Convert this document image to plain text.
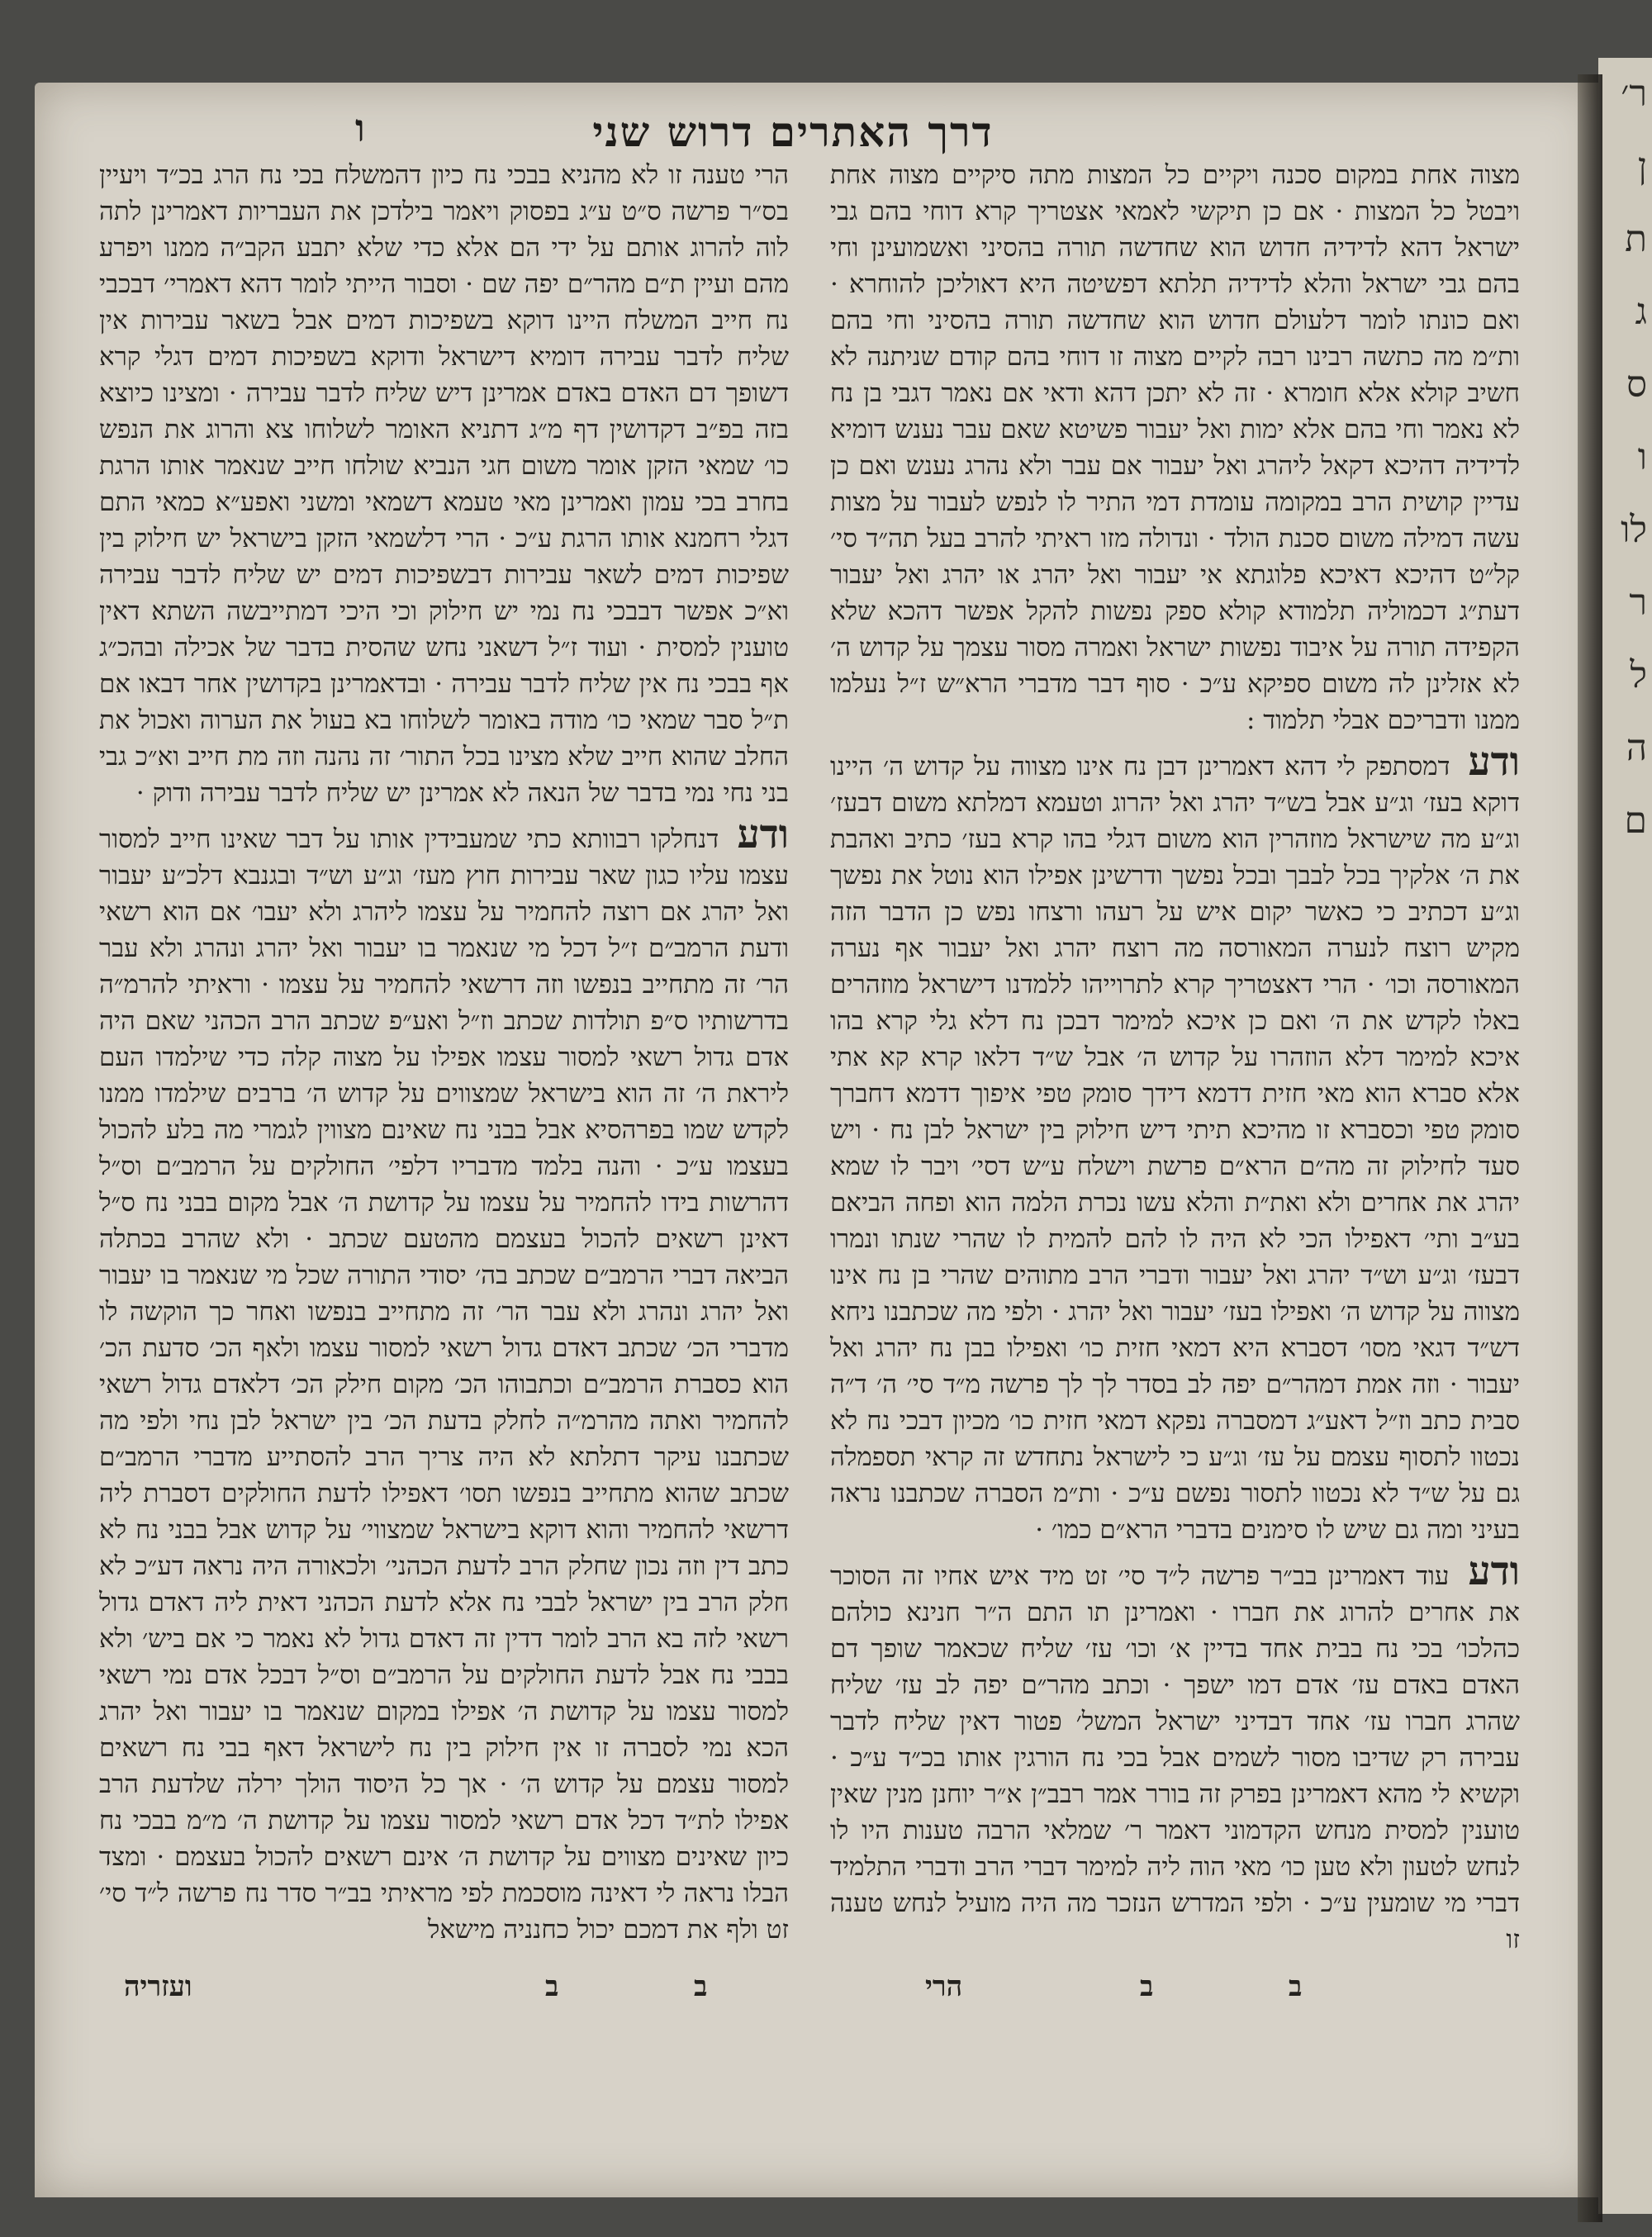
ר׳
ן
ת
ג
ס
ו
לו
ר
ל
ה
ם
ו	דרך האתרים דרוש שני

מצוה אחת במקום סכנה ויקיים כל המצות מתה סיקיים מצוה אחת ויבטל כל המצות · אם כן תיקשי לאמאי אצטריך קרא דוחי בהם גבי ישראל דהא לדידיה חדוש הוא שחדשה תורה בהסיני ואשמועינן וחי בהם גבי ישראל והלא לדידיה תלתא דפשיטה היא דאוליכן להוחרא · ואם כונתו לומר דלעולם חדוש הוא שחדשה תורה בהסיני וחי בהם ות״מ מה כתשה רבינו רבה לקיים מצוה זו דוחי בהם קודם שניתנה לא חשיב קולא אלא חומרא · זה לא יתכן דהא ודאי אם נאמר דגבי בן נח לא נאמר וחי בהם אלא ימות ואל יעבור פשיטא שאם עבר נענש דומיא לדידיה דהיכא דקאל ליהרג ואל יעבור אם עבר ולא נהרג נענש ואם כן עדיין קושית הרב במקומה עומדת דמי התיר לו לנפש לעבור על מצות עשה דמילה משום סכנת הולד · ונדולה מזו ראיתי להרב בעל תה״ד סי׳ קל״ט דהיכא דאיכא פלוגתא אי יעבור ואל יהרג או יהרג ואל יעבור דעת״ג דכמוליה תלמודא קולא ספק נפשות להקל אפשר דהכא שלא הקפידה תורה על איבוד נפשות ישראל ואמרה מסור עצמך על קדוש ה׳ לא אזלינן לה משום ספיקא ע״כ · סוף דבר מדברי הרא״ש ז״ל נעלמו ממנו ודבריכם אבלי תלמוד :

ודע דמסתפק לי דהא דאמרינן דבן נח אינו מצווה על קדוש ה׳ היינו דוקא בעז׳ וג״ע אבל בש״ד יהרג ואל יהרוג וטעמא דמלתא משום דבעז׳ וג״ע מה שישראל מוזהרין הוא משום דגלי בהו קרא בעז׳ כתיב ואהבת את ה׳ אלקיך בכל לבבך ובכל נפשך ודרשינן אפילו הוא נוטל את נפשך וג״ע דכתיב כי כאשר יקום איש על רעהו ורצחו נפש כן הדבר הזה מקיש רוצח לנערה המאורסה מה רוצח יהרג ואל יעבור אף נערה המאורסה וכו׳ · הרי דאצטריך קרא לתרוייהו ללמדנו דישראל מוזהרים באלו לקדש את ה׳ ואם כן איכא למימר דבכן נח דלא גלי קרא בהו איכא למימר דלא הוזהרו על קדוש ה׳ אבל ש״ד דלאו קרא קא אתי אלא סברא הוא מאי חזית דדמא דידך סומק טפי איפוך דדמא דחברך סומק טפי וכסברא זו מהיכא תיתי דיש חילוק בין ישראל לבן נח · ויש סעד לחילוק זה מה״ם הרא״ם פרשת וישלח ע״ש דסי׳ ויבר לו שמא יהרג את אחרים ולא ואת״ת והלא עשו נכרת הלמה הוא ופחה הביאם בע״ב ותי׳ דאפילו הכי לא היה לו להם להמית לו שהרי שנתו ונמרו דבעז׳ וג״ע וש״ד יהרג ואל יעבור ודברי הרב מתוהים שהרי בן נח אינו מצווה על קדוש ה׳ ואפילו בעז׳ יעבור ואל יהרג · ולפי מה שכתבנו ניחא דש״ד דגאי מסו׳ דסברא היא דמאי חזית כו׳ ואפילו בבן נח יהרג ואל יעבור · וזה אמת דמהר״ם יפה לב בסדר לך לך פרשה מ״ד סי׳ ה׳ ד״ה סבית כתב וז״ל דאע״ג דמסברה נפקא דמאי חזית כו׳ מכיון דבכי נח לא נכטוו לתסוף עצמם על עז׳ וג״ע כי לישראל נתחדש זה קראי תספמלה גם על ש״ד לא נכטוו לתסור נפשם ע״כ · ות״מ הסברה שכתבנו נראה בעיני ומה גם שיש לו סימנים בדברי הרא״ם כמו׳ ·

ודע עוד דאמרינן בב״ר פרשה ל״ד סי׳ זט מיד איש אחיו זה הסוכר את אחרים להרוג את חברו · ואמרינן תו התם ה״ר חנינא כולהם כהלכו׳ בכי נח בבית אחד בדיין א׳ וכו׳ עז׳ שליח שכאמר שופך דם האדם באדם עז׳ אדם דמו ישפך · וכתב מהר״ם יפה לב עז׳ שליח שהרג חברו עז׳ אחד דבדיני ישראל המשל׳ פטור דאין שליח לדבר עבירה רק שדיבו מסור לשמים אבל בכי נח הורגין אותו בכ״ד ע״כ · וקשיא לי מהא דאמרינן בפרק זה בורר אמר רבב״ן א״ר יוחנן מנין שאין טוענין למסית מנחש הקדמוני דאמר ר׳ שמלאי הרבה טענות היו לו לנחש לטעון ולא טען כו׳ מאי הוה ליה למימר דברי הרב ודברי התלמיד דברי מי שומעין ע״כ · ולפי המדרש הנזכר מה היה מועיל לנחש טענה זו

הרי טענה זו לא מהניא בבכי נח כיון דהמשלח בכי נח הרג בכ״ד ויעיין בס״ר פרשה ס״ט ע״ג בפסוק ויאמר בילדכן את העבריות דאמרינן לתה לוה להרוג אותם על ידי הם אלא כדי שלא יתבע הקב״ה ממנו ויפרע מהם ועיין ת״ם מהר״ם יפה שם · וסבור הייתי לומר דהא דאמרי׳ דבכבי נח חייב המשלח היינו דוקא בשפיכות דמים אבל בשאר עבירות אין שליח לדבר עבירה דומיא דישראל ודוקא בשפיכות דמים דגלי קרא דשופך דם האדם באדם אמרינן דיש שליח לדבר עבירה · ומצינו כיוצא בזה בפ״ב דקדושין דף מ״ג דתניא האומר לשלוחו צא והרוג את הנפש כו׳ שמאי הזקן אומר משום חגי הנביא שולחו חייב שנאמר אותו הרגת בחרב בכי עמון ואמרינן מאי טעמא דשמאי ומשני ואפע״א כמאי התם דגלי רחמנא אותו הרגת ע״כ · הרי דלשמאי הזקן בישראל יש חילוק בין שפיכות דמים לשאר עבירות דבשפיכות דמים יש שליח לדבר עבירה וא״כ אפשר דבבכי נח נמי יש חילוק וכי היכי דמתייבשה השתא דאין טוענין למסית · ועוד ז״ל דשאני נחש שהסית בדבר של אכילה ובהכ״ג אף בבכי נח אין שליח לדבר עבירה · ובדאמרינן בקדושין אחר דבאו אם ת״ל סבר שמאי כו׳ מודה באומר לשלוחו בא בעול את הערוה ואכול את החלב שהוא חייב שלא מצינו בכל התור׳ זה נהנה וזה מת חייב וא״כ גבי בני נחי נמי בדבר של הנאה לא אמרינן יש שליח לדבר עבירה ודוק ·

ודע דנחלקו רבוותא כתי שמעבידין אותו על דבר שאינו חייב למסור עצמו עליו כגון שאר עבירות חוץ מעז׳ וג״ע וש״ד ובגנבא דלכ״ע יעבור ואל יהרג אם רוצה להחמיר על עצמו ליהרג ולא יעבו׳ אם הוא רשאי ודעת הרמב״ם ז״ל דכל מי שנאמר בו יעבור ואל יהרג ונהרג ולא עבר הר׳ זה מתחייב בנפשו וזה דרשאי להחמיר על עצמו · וראיתי להרמ״ה בדרשותיו ס״פ תולדות שכתב וז״ל ואע״פ שכתב הרב הכהני שאם היה אדם גדול רשאי למסור עצמו אפילו על מצוה קלה כדי שילמדו העם ליראת ה׳ זה הוא בישראל שמצווים על קדוש ה׳ ברבים שילמדו ממנו לקדש שמו בפרהסיא אבל בבני נח שאינם מצווין לגמרי מה בלע להכול בעצמו ע״כ · והנה בלמד מדבריו דלפי׳ החולקים על הרמב״ם וס״ל דהרשות בידו להחמיר על עצמו על קדושת ה׳ אבל מקום בבני נח ס״ל דאינן רשאים להכול בעצמם מהטעם שכתב · ולא שהרב בכתלה הביאה דברי הרמב״ם שכתב בה׳ יסודי התורה שכל מי שנאמר בו יעבור ואל יהרג ונהרג ולא עבר הר׳ זה מתחייב בנפשו ואחר כך הוקשה לו מדברי הכ׳ שכתב דאדם גדול רשאי למסור עצמו ולאף הכ׳ סדעת הכ׳ הוא כסברת הרמב״ם וכתבוהו הכ׳ מקום חילק הכ׳ דלאדם גדול רשאי להחמיר ואתה מהרמ״ה לחלק בדעת הכ׳ בין ישראל לבן נחי ולפי מה שכתבנו עיקר דתלתא לא היה צריך הרב להסתייע מדברי הרמב״ם שכתב שהוא מתחייב בנפשו תסו׳ דאפילו לדעת החולקים דסברת ליה דרשאי להחמיר והוא דוקא בישראל שמצווי׳ על קדוש אבל בבני נח לא כתב דין וזה נכון שחלק הרב לדעת הכהני׳ ולכאורה היה נראה דע״כ לא חלק הרב בין ישראל לבבי נח אלא לדעת הכהני דאית ליה דאדם גדול רשאי לזה בא הרב לומר דדין זה דאדם גדול לא נאמר כי אם ביש׳ ולא בבבי נח אבל לדעת החולקים על הרמב״ם וס״ל דבכל אדם נמי רשאי למסור עצמו על קדושת ה׳ אפילו במקום שנאמר בו יעבור ואל יהרג הכא נמי לסברה זו אין חילוק בין נח לישראל דאף בבי נח רשאים למסור עצמם על קדוש ה׳ · אך כל היסוד הולך ירלה שלדעת הרב אפילו לת״ד דכל אדם רשאי למסור עצמו על קדושת ה׳ מ״מ בבכי נח כיון שאינים מצווים על קדושת ה׳ אינם רשאים להכול בעצמם · ומצד הבלו נראה לי דאינה מוסכמת לפי מראיתי בב״ר סדר נח פרשה ל״ד סי׳ זט ולף את דמכם יכול כחנניה מישאל

ועזריה	ב	ב	ב	ב
הרי
